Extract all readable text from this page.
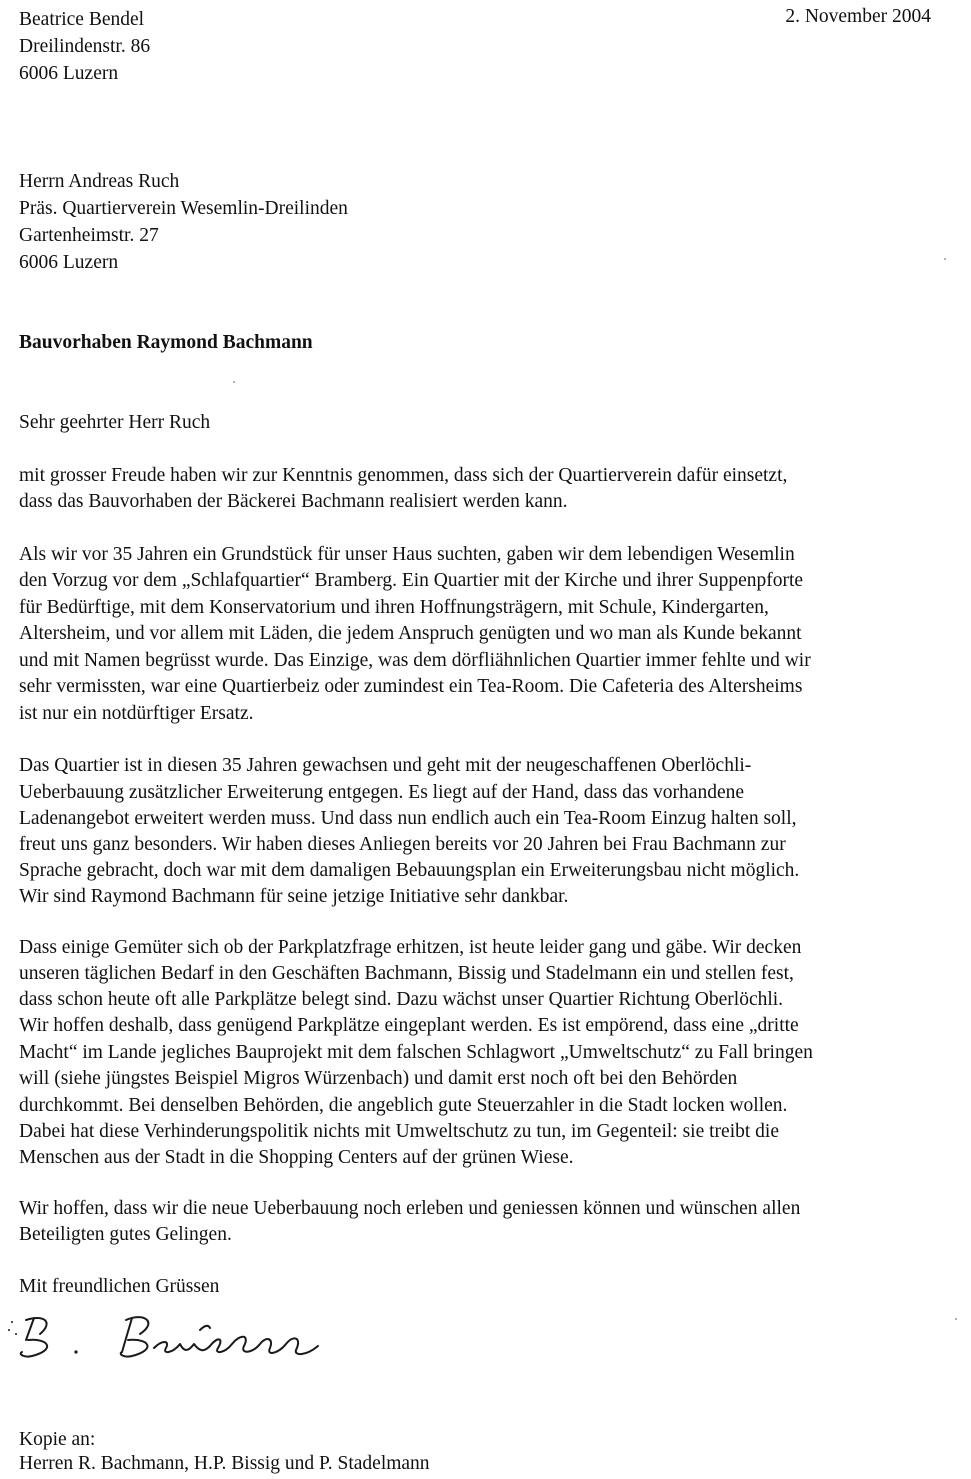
Beatrice Bendel
Dreilindenstr. 86
6006 Luzern
2. November 2004
Herrn Andreas Ruch
Präs. Quartierverein Wesemlin-Dreilinden
Gartenheimstr. 27
6006 Luzern
Bauvorhaben Raymond Bachmann
Sehr geehrter Herr Ruch
mit grosser Freude haben wir zur Kenntnis genommen, dass sich der Quartierverein dafür einsetzt,
dass das Bauvorhaben der Bäckerei Bachmann realisiert werden kann.
Als wir vor 35 Jahren ein Grundstück für unser Haus suchten, gaben wir dem lebendigen Wesemlin
den Vorzug vor dem „Schlafquartier“ Bramberg. Ein Quartier mit der Kirche und ihrer Suppenpforte
für Bedürftige, mit dem Konservatorium und ihren Hoffnungsträgern, mit Schule, Kindergarten,
Altersheim, und vor allem mit Läden, die jedem Anspruch genügten und wo man als Kunde bekannt
und mit Namen begrüsst wurde. Das Einzige, was dem dörfliähnlichen Quartier immer fehlte und wir
sehr vermissten, war eine Quartierbeiz oder zumindest ein Tea-Room. Die Cafeteria des Altersheims
ist nur ein notdürftiger Ersatz.
Das Quartier ist in diesen 35 Jahren gewachsen und geht mit der neugeschaffenen Oberlöchli-
Ueberbauung zusätzlicher Erweiterung entgegen. Es liegt auf der Hand, dass das vorhandene
Ladenangebot erweitert werden muss. Und dass nun endlich auch ein Tea-Room Einzug halten soll,
freut uns ganz besonders. Wir haben dieses Anliegen bereits vor 20 Jahren bei Frau Bachmann zur
Sprache gebracht, doch war mit dem damaligen Bebauungsplan ein Erweiterungsbau nicht möglich.
Wir sind Raymond Bachmann für seine jetzige Initiative sehr dankbar.
Dass einige Gemüter sich ob der Parkplatzfrage erhitzen, ist heute leider gang und gäbe. Wir decken
unseren täglichen Bedarf in den Geschäften Bachmann, Bissig und Stadelmann ein und stellen fest,
dass schon heute oft alle Parkplätze belegt sind. Dazu wächst unser Quartier Richtung Oberlöchli.
Wir hoffen deshalb, dass genügend Parkplätze eingeplant werden. Es ist empörend, dass eine „dritte
Macht“ im Lande jegliches Bauprojekt mit dem falschen Schlagwort „Umweltschutz“ zu Fall bringen
will (siehe jüngstes Beispiel Migros Würzenbach) und damit erst noch oft bei den Behörden
durchkommt. Bei denselben Behörden, die angeblich gute Steuerzahler in die Stadt locken wollen.
Dabei hat diese Verhinderungspolitik nichts mit Umweltschutz zu tun, im Gegenteil: sie treibt die
Menschen aus der Stadt in die Shopping Centers auf der grünen Wiese.
Wir hoffen, dass wir die neue Ueberbauung noch erleben und geniessen können und wünschen allen
Beteiligten gutes Gelingen.
Mit freundlichen Grüssen
Kopie an:
Herren R. Bachmann, H.P. Bissig und P. Stadelmann
